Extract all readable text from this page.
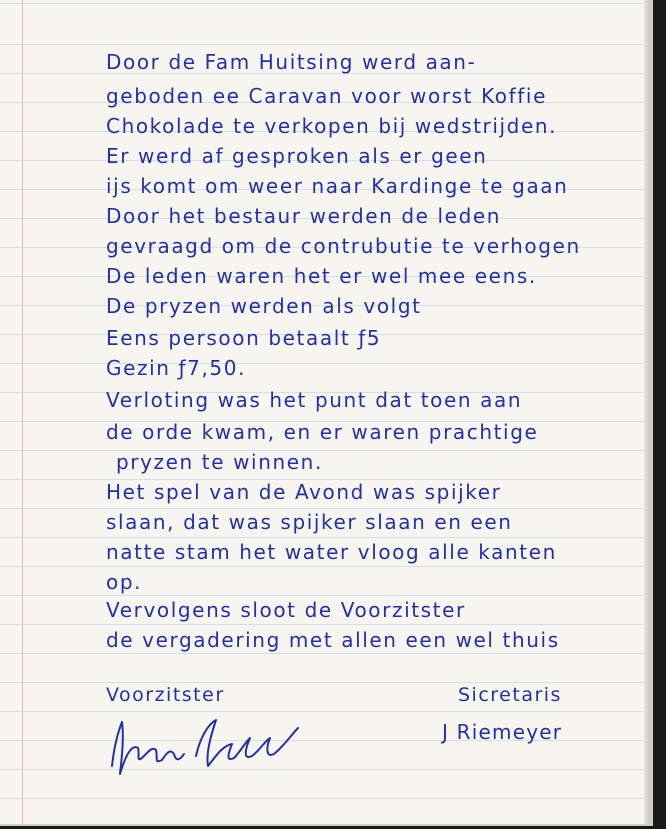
Door de Fam Huitsing werd aan-
geboden ee Caravan voor worst Koffie
Chokolade te verkopen bij wedstrijden.
Er werd af gesproken als er geen
ijs komt om weer naar Kardinge te gaan
Door het bestaur werden de leden
gevraagd om de contrubutie te verhogen
De leden waren het er wel mee eens.
De pryzen werden als volgt
Eens persoon betaalt ƒ5
Gezin ƒ7,50.
Verloting was het punt dat toen aan
de orde kwam, en er waren prachtige
pryzen te winnen.
Het spel van de Avond was spijker
slaan, dat was spijker slaan en een
natte stam het water vloog alle kanten
op.
Vervolgens sloot de Voorzitster
de vergadering met allen een wel thuis
Voorzitster	Sicretaris
J Riemeyer
